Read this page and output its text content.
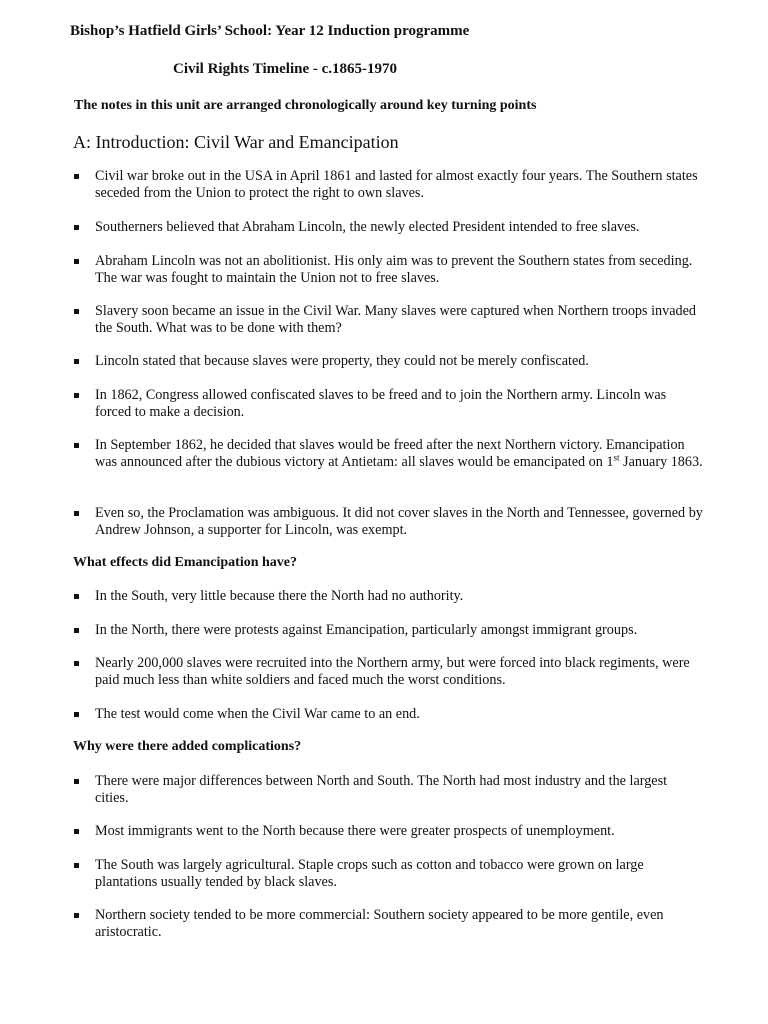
Bishop’s Hatfield Girls’ School: Year 12 Induction programme
Civil Rights Timeline - c.1865-1970
The notes in this unit are arranged chronologically around key turning points
A: Introduction: Civil War and Emancipation
Civil war broke out in the USA in April 1861 and lasted for almost exactly four years. The Southern states seceded from the Union to protect the right to own slaves.
Southerners believed that Abraham Lincoln, the newly elected President intended to free slaves.
Abraham Lincoln was not an abolitionist. His only aim was to prevent the Southern states from seceding. The war was fought to maintain the Union not to free slaves.
Slavery soon became an issue in the Civil War. Many slaves were captured when Northern troops invaded the South. What was to be done with them?
Lincoln stated that because slaves were property, they could not be merely confiscated.
In 1862, Congress allowed confiscated slaves to be freed and to join the Northern army. Lincoln was forced to make a decision.
In September 1862, he decided that slaves would be freed after the next Northern victory. Emancipation was announced after the dubious victory at Antietam: all slaves would be emancipated on 1st January 1863.
Even so, the Proclamation was ambiguous. It did not cover slaves in the North and Tennessee, governed by Andrew Johnson, a supporter for Lincoln, was exempt.
What effects did Emancipation have?
In the South, very little because there the North had no authority.
In the North, there were protests against Emancipation, particularly amongst immigrant groups.
Nearly 200,000 slaves were recruited into the Northern army, but were forced into black regiments, were paid much less than white soldiers and faced much the worst conditions.
The test would come when the Civil War came to an end.
Why were there added complications?
There were major differences between North and South. The North had most industry and the largest cities.
Most immigrants went to the North because there were greater prospects of unemployment.
The South was largely agricultural. Staple crops such as cotton and tobacco were grown on large plantations usually tended by black slaves.
Northern society tended to be more commercial: Southern society appeared to be more gentile, even aristocratic.
